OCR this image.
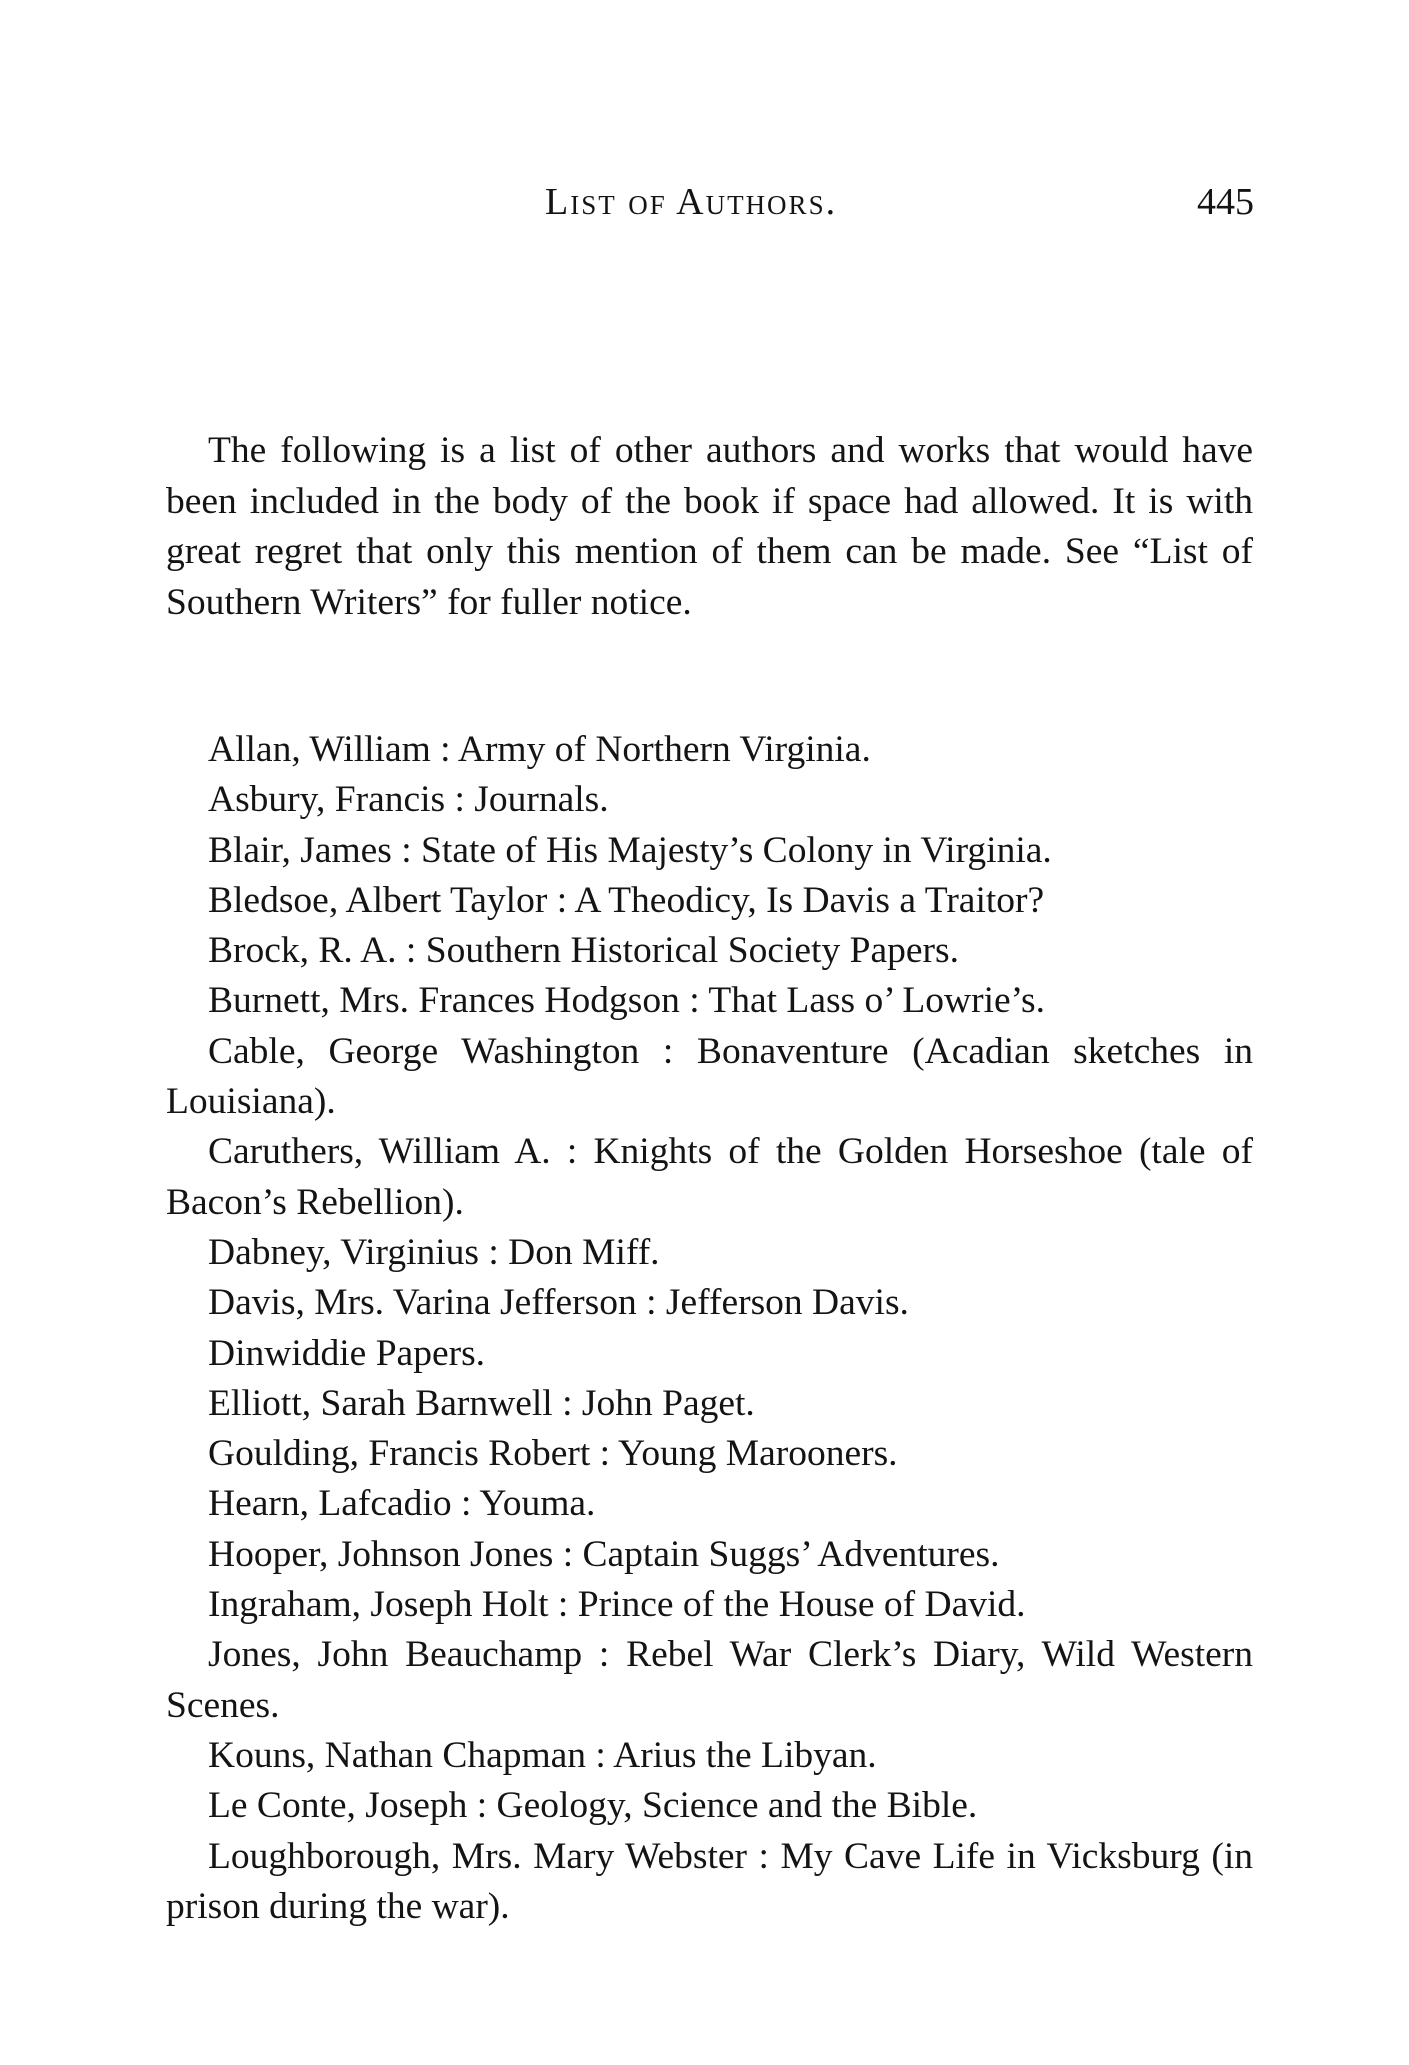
List of Authors.	445

The following is a list of other authors and works that would have been included in the body of the book if space had allowed. It is with great regret that only this mention of them can be made. See “List of Southern Writers” for fuller notice.

Allan, William : Army of Northern Virginia.
Asbury, Francis : Journals.
Blair, James : State of His Majesty’s Colony in Virginia.
Bledsoe, Albert Taylor : A Theodicy, Is Davis a Traitor?
Brock, R. A. : Southern Historical Society Papers.
Burnett, Mrs. Frances Hodgson : That Lass o’ Lowrie’s.
Cable, George Washington : Bonaventure (Acadian sketches in Louisiana).
Caruthers, William A. : Knights of the Golden Horseshoe (tale of Bacon’s Rebellion).
Dabney, Virginius : Don Miff.
Davis, Mrs. Varina Jefferson : Jefferson Davis.
Dinwiddie Papers.
Elliott, Sarah Barnwell : John Paget.
Goulding, Francis Robert : Young Marooners.
Hearn, Lafcadio : Youma.
Hooper, Johnson Jones : Captain Suggs’ Adventures.
Ingraham, Joseph Holt : Prince of the House of David.
Jones, John Beauchamp : Rebel War Clerk’s Diary, Wild Western Scenes.
Kouns, Nathan Chapman : Arius the Libyan.
Le Conte, Joseph : Geology, Science and the Bible.
Loughborough, Mrs. Mary Webster : My Cave Life in Vicksburg (in prison during the war).
